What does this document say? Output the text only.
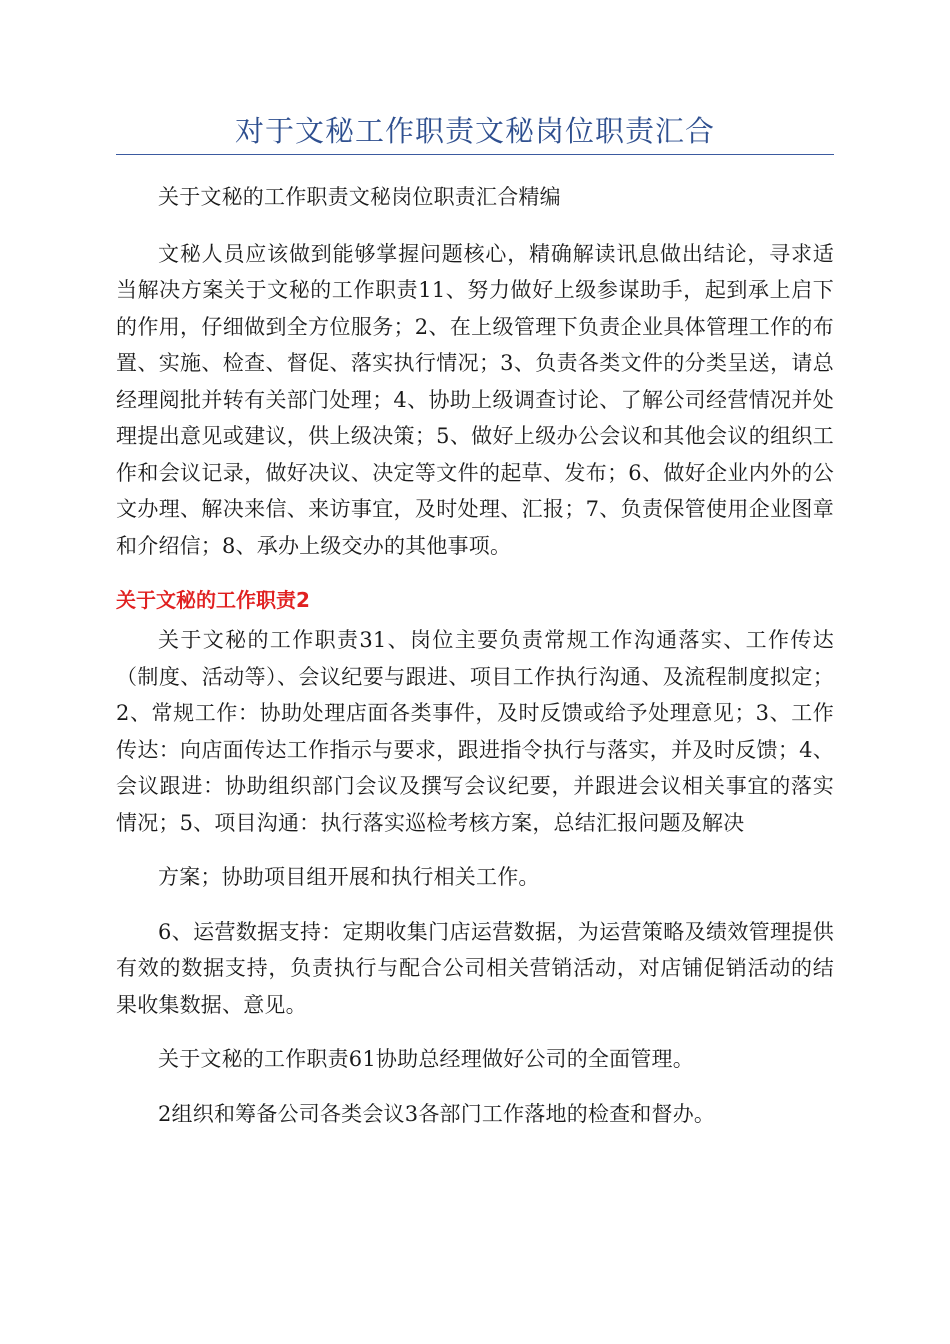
对于文秘工作职责文秘岗位职责汇合

关于文秘的工作职责文秘岗位职责汇合精编

文秘人员应该做到能够掌握问题核心，精确解读讯息做出结论，寻求适当解决方案关于文秘的工作职责11、努力做好上级参谋助手，起到承上启下的作用，仔细做到全方位服务；2、在上级管理下负责企业具体管理工作的布置、实施、检查、督促、落实执行情况；3、负责各类文件的分类呈送，请总经理阅批并转有关部门处理；4、协助上级调查讨论、了解公司经营情况并处理提出意见或建议，供上级决策；5、做好上级办公会议和其他会议的组织工作和会议记录，做好决议、决定等文件的起草、发布；6、做好企业内外的公文办理、解决来信、来访事宜，及时处理、汇报；7、负责保管使用企业图章和介绍信；8、承办上级交办的其他事项。

关于文秘的工作职责2

关于文秘的工作职责31、岗位主要负责常规工作沟通落实、工作传达（制度、活动等）、会议纪要与跟进、项目工作执行沟通、及流程制度拟定；2、常规工作：协助处理店面各类事件，及时反馈或给予处理意见；3、工作传达：向店面传达工作指示与要求，跟进指令执行与落实，并及时反馈；4、会议跟进：协助组织部门会议及撰写会议纪要，并跟进会议相关事宜的落实情况；5、项目沟通：执行落实巡检考核方案，总结汇报问题及解决

方案；协助项目组开展和执行相关工作。

6、运营数据支持：定期收集门店运营数据，为运营策略及绩效管理提供有效的数据支持，负责执行与配合公司相关营销活动，对店铺促销活动的结果收集数据、意见。

关于文秘的工作职责61协助总经理做好公司的全面管理。

2组织和筹备公司各类会议3各部门工作落地的检查和督办。
